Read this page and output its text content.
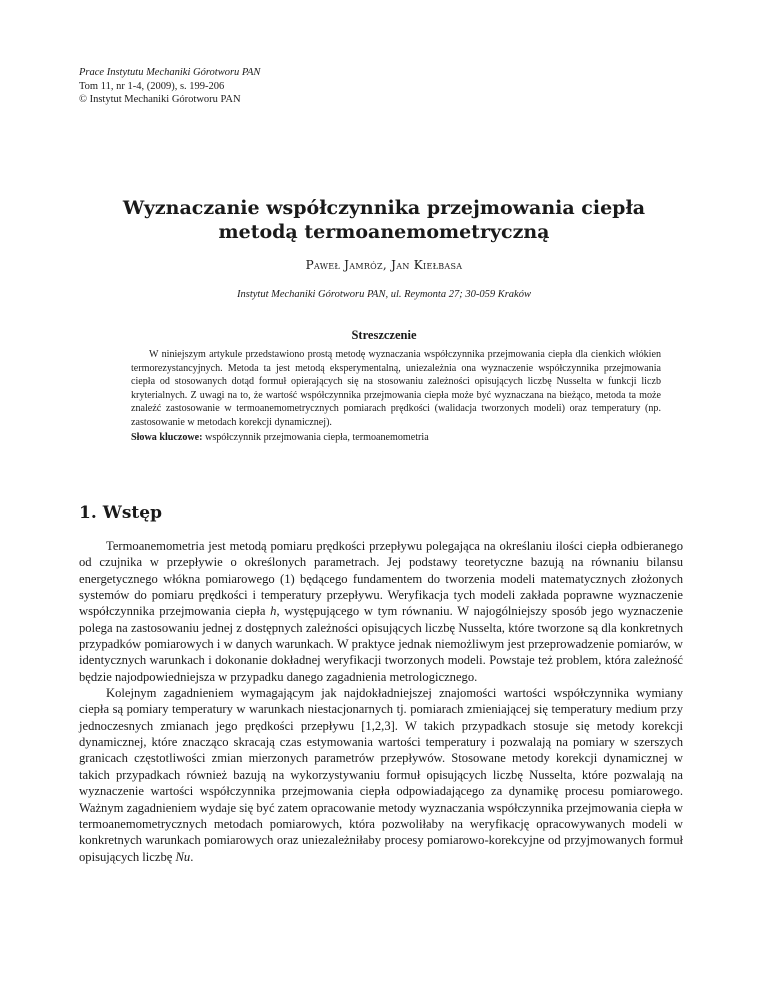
Prace Instytutu Mechaniki Górotworu PAN
Tom 11, nr 1-4, (2009), s. 199-206
© Instytut Mechaniki Górotworu PAN
Wyznaczanie współczynnika przejmowania ciepła
metodą termoanemometryczną
Paweł Jamróz, Jan Kiełbasa
Instytut Mechaniki Górotworu PAN, ul. Reymonta 27; 30-059 Kraków
Streszczenie

W niniejszym artykule przedstawiono prostą metodę wyznaczania współczynnika przejmowania ciepła dla cienkich włókien termorezystancyjnych. Metoda ta jest metodą eksperymentalną, uniezależnia ona wyznaczenie współczynnika przejmowania ciepła od stosowanych dotąd formuł opierających się na stosowaniu zależności opisujących liczbę Nusselta w funkcji liczb kryterialnych. Z uwagi na to, że wartość współczynnika przejmowania ciepła może być wyznaczana na bieżąco, metoda ta może znaleźć zastosowanie w termoanemometrycznych pomiarach prędkości (walidacja tworzonych modeli) oraz temperatury (np. zastosowanie w metodach korekcji dynamicznej).

Słowa kluczowe: współczynnik przejmowania ciepła, termoanemometria
1. Wstęp

Termoanemometria jest metodą pomiaru prędkości przepływu polegająca na określaniu ilości ciepła odbieranego od czujnika w przepływie o określonych parametrach. Jej podstawy teoretyczne bazują na równaniu bilansu energetycznego włókna pomiarowego (1) będącego fundamentem do tworzenia modeli matematycznych złożonych systemów do pomiaru prędkości i temperatury przepływu. Weryfikacja tych modeli zakłada poprawne wyznaczenie współczynnika przejmowania ciepła h, występującego w tym równaniu. W najogólniejszy sposób jego wyznaczenie polega na zastosowaniu jednej z dostępnych zależności opisujących liczbę Nusselta, które tworzone są dla konkretnych przypadków pomiarowych i w danych warunkach. W praktyce jednak niemożliwym jest przeprowadzenie pomiarów, w identycznych warunkach i dokonanie dokładnej weryfikacji tworzonych modeli. Powstaje też problem, która zależność będzie najodpowiedniejsza w przypadku danego zagadnienia metrologicznego.

Kolejnym zagadnieniem wymagającym jak najdokładniejszej znajomości wartości współczynnika wymiany ciepła są pomiary temperatury w warunkach niestacjonarnych tj. pomiarach zmieniającej się temperatury medium przy jednoczesnych zmianach jego prędkości przepływu [1,2,3]. W takich przypadkach stosuje się metody korekcji dynamicznej, które znacząco skracają czas estymowania wartości temperatury i pozwalają na pomiary w szerszych granicach częstotliwości zmian mierzonych parametrów przepływów. Stosowane metody korekcji dynamicznej w takich przypadkach również bazują na wykorzystywaniu formuł opisujących liczbę Nusselta, które pozwalają na wyznaczenie wartości współczynnika przejmowania ciepła odpowiadającego za dynamikę procesu pomiarowego. Ważnym zagadnieniem wydaje się być zatem opracowanie metody wyznaczania współczynnika przejmowania ciepła w termoanemometrycznych metodach pomiarowych, która pozwoliłaby na weryfikację opracowywanych modeli w konkretnych warunkach pomiarowych oraz uniezależniłaby procesy pomiarowo-korekcyjne od przyjmowanych formuł opisujących liczbę Nu.
